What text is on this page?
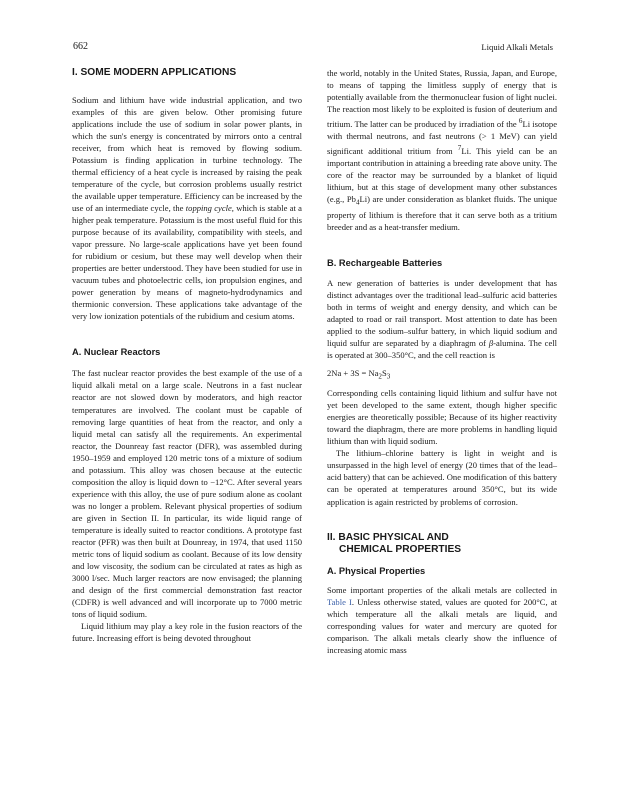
662	Liquid Alkali Metals
I. SOME MODERN APPLICATIONS

Sodium and lithium have wide industrial application, and two examples of this are given below. Other promising future applications include the use of sodium in solar power plants, in which the sun's energy is concentrated by mirrors onto a central receiver, from which heat is removed by flowing sodium. Potassium is finding application in turbine technology. The thermal efficiency of a heat cycle is increased by raising the peak temperature of the cycle, but corrosion problems usually restrict the available upper temperature. Efficiency can be increased by the use of an intermediate cycle, the topping cycle, which is stable at a higher peak temperature. Potassium is the most useful fluid for this purpose because of its availability, compatibility with steels, and vapor pressure. No large-scale applications have yet been found for rubidium or cesium, but these may well develop when their properties are better understood. They have been studied for use in vacuum tubes and photoelectric cells, ion propulsion engines, and power generation by means of magneto-hydrodynamics and thermionic conversion. These applications take advantage of the very low ionization potentials of the rubidium and cesium atoms.

A. Nuclear Reactors

The fast nuclear reactor provides the best example of the use of a liquid alkali metal on a large scale. Neutrons in a fast nuclear reactor are not slowed down by moderators, and high reactor temperatures are involved. The coolant must be capable of removing large quantities of heat from the reactor, and only a liquid metal can satisfy all the requirements. An experimental reactor, the Dounreay fast reactor (DFR), was assembled during 1950–1959 and employed 120 metric tons of a mixture of sodium and potassium. This alloy was chosen because at the eutectic composition the alloy is liquid down to −12°C. After several years experience with this alloy, the use of pure sodium alone as coolant was no longer a problem. Relevant physical properties of sodium are given in Section II. In particular, its wide liquid range of temperature is ideally suited to reactor conditions. A prototype fast reactor (PFR) was then built at Dounreay, in 1974, that used 1150 metric tons of liquid sodium as coolant. Because of its low density and low viscosity, the sodium can be circulated at rates as high as 3000 l/sec. Much larger reactors are now envisaged; the planning and design of the first commercial demonstration fast reactor (CDFR) is well advanced and will incorporate up to 7000 metric tons of liquid sodium.

Liquid lithium may play a key role in the fusion reactors of the future. Increasing effort is being devoted throughout

the world, notably in the United States, Russia, Japan, and Europe, to means of tapping the limitless supply of energy that is potentially available from the thermonuclear fusion of light nuclei. The reaction most likely to be exploited is fusion of deuterium and tritium. The latter can be produced by irradiation of the $^6$Li isotope with thermal neutrons, and fast neutrons (> 1 MeV) can yield significant additional tritium from $^7$Li. This yield can be an important contribution in attaining a breeding rate above unity. The core of the reactor may be surrounded by a blanket of liquid lithium, but at this stage of development many other substances (e.g., $Pb_4Li$) are under consideration as blanket fluids. The unique property of lithium is therefore that it can serve both as a tritium breeder and as a heat-transfer medium.

B. Rechargeable Batteries

A new generation of batteries is under development that has distinct advantages over the traditional lead–sulfuric acid batteries both in terms of weight and energy density, and which can be adapted to road or rail transport. Most attention to date has been applied to the sodium–sulfur battery, in which liquid sodium and liquid sulfur are separated by a diaphragm of β-alumina. The cell is operated at 300–350°C, and the cell reaction is

$2Na + 3S = Na_2S_3$

Corresponding cells containing liquid lithium and sulfur have not yet been developed to the same extent, though higher specific energies are theoretically possible; Because of its higher reactivity toward the diaphragm, there are more problems in handling liquid lithium than with liquid sodium.

The lithium–chlorine battery is light in weight and is unsurpassed in the high level of energy (20 times that of the lead–acid battery) that can be achieved. One modification of this battery can be operated at temperatures around 350°C, but its wide application is again restricted by problems of corrosion.

II. BASIC PHYSICAL AND
CHEMICAL PROPERTIES
A. Physical Properties

Some important properties of the alkali metals are collected in Table I. Unless otherwise stated, values are quoted for 200°C, at which temperature all the alkali metals are liquid, and corresponding values for water and mercury are quoted for comparison. The alkali metals clearly show the influence of increasing atomic mass
